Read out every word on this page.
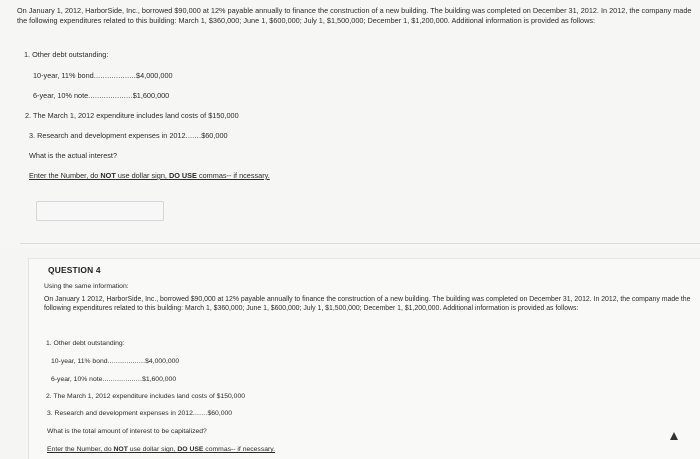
On January 1, 2012, HarborSide, Inc., borrowed $90,000 at 12% payable annually to finance the construction of a new building. The building was completed on December 31, 2012. In 2012, the company made the following expenditures related to this building: March 1, $360,000; June 1, $600,000; July 1, $1,500,000; December 1, $1,200,000. Additional information is provided as follows:
1. Other debt outstanding:
10-year, 11% bond...................$4,000,000
6-year, 10% note....................$1,600,000
2. The March 1, 2012 expenditure includes land costs of $150,000
3. Research and development expenses in 2012.......$60,000
What is the actual interest?
Enter the Number, do NOT use dollar sign, DO USE commas-- if ncessary.
QUESTION 4
Using the same information:
On January 1 2012, HarborSide, Inc., borrowed $90,000 at 12% payable annually to finance the construction of a new building. The building was completed on December 31, 2012. In 2012, the company made the following expenditures related to this building: March 1, $360,000; June 1, $600,000; July 1, $1,500,000; December 1, $1,200,000. Additional information is provided as follows:
1. Other debt outstanding:
10-year, 11% bond..................$4,000,000
6-year, 10% note...................$1,600,000
2. The March 1, 2012 expenditure includes land costs of $150,000
3. Research and development expenses in 2012.......$60,000
What is the total amount of interest to be capitalized?
Enter the Number, do NOT use dollar sign, DO USE commas-- if necessary.
